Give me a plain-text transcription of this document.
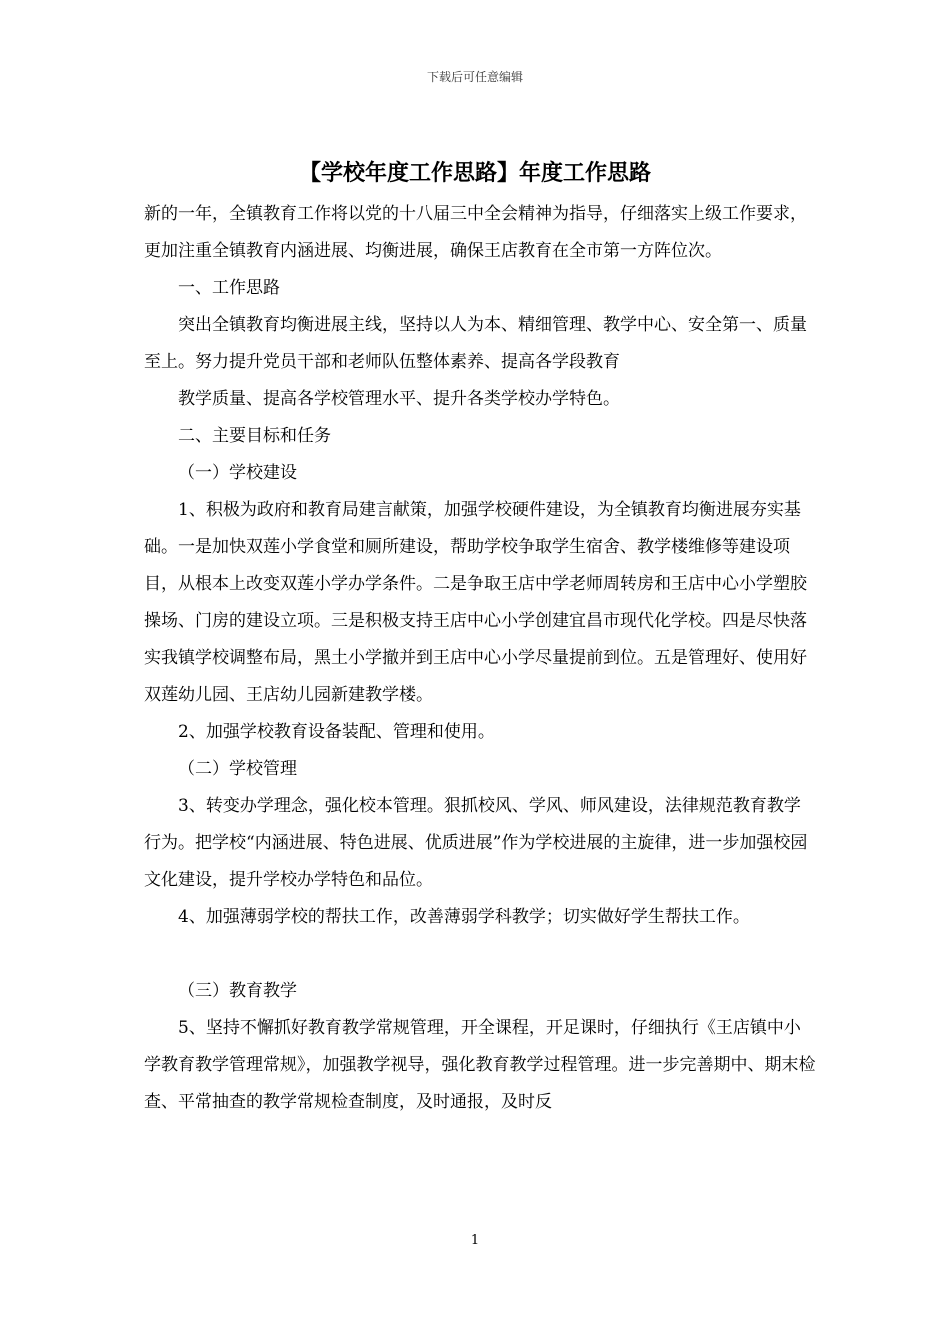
下载后可任意编辑
【学校年度工作思路】年度工作思路

新的一年，全镇教育工作将以党的十八届三中全会精神为指导，仔细落实上级工作要求，更加注重全镇教育内涵进展、均衡进展，确保王店教育在全市第一方阵位次。

一、工作思路

突出全镇教育均衡进展主线，坚持以人为本、精细管理、教学中心、安全第一、质量至上。努力提升党员干部和老师队伍整体素养、提高各学段教育

教学质量、提高各学校管理水平、提升各类学校办学特色。

二、主要目标和任务

（一）学校建设

1、积极为政府和教育局建言献策，加强学校硬件建设，为全镇教育均衡进展夯实基础。一是加快双莲小学食堂和厕所建设，帮助学校争取学生宿舍、教学楼维修等建设项目，从根本上改变双莲小学办学条件。二是争取王店中学老师周转房和王店中心小学塑胶操场、门房的建设立项。三是积极支持王店中心小学创建宜昌市现代化学校。四是尽快落实我镇学校调整布局，黑土小学撤并到王店中心小学尽量提前到位。五是管理好、使用好双莲幼儿园、王店幼儿园新建教学楼。

2、加强学校教育设备装配、管理和使用。

（二）学校管理

3、转变办学理念，强化校本管理。狠抓校风、学风、师风建设，法律规范教育教学行为。把学校“内涵进展、特色进展、优质进展”作为学校进展的主旋律，进一步加强校园文化建设，提升学校办学特色和品位。

4、加强薄弱学校的帮扶工作，改善薄弱学科教学；切实做好学生帮扶工作。

（三）教育教学

5、坚持不懈抓好教育教学常规管理，开全课程，开足课时，仔细执行《王店镇中小学教育教学管理常规》，加强教学视导，强化教育教学过程管理。进一步完善期中、期末检查、平常抽查的教学常规检查制度，及时通报，及时反

1
